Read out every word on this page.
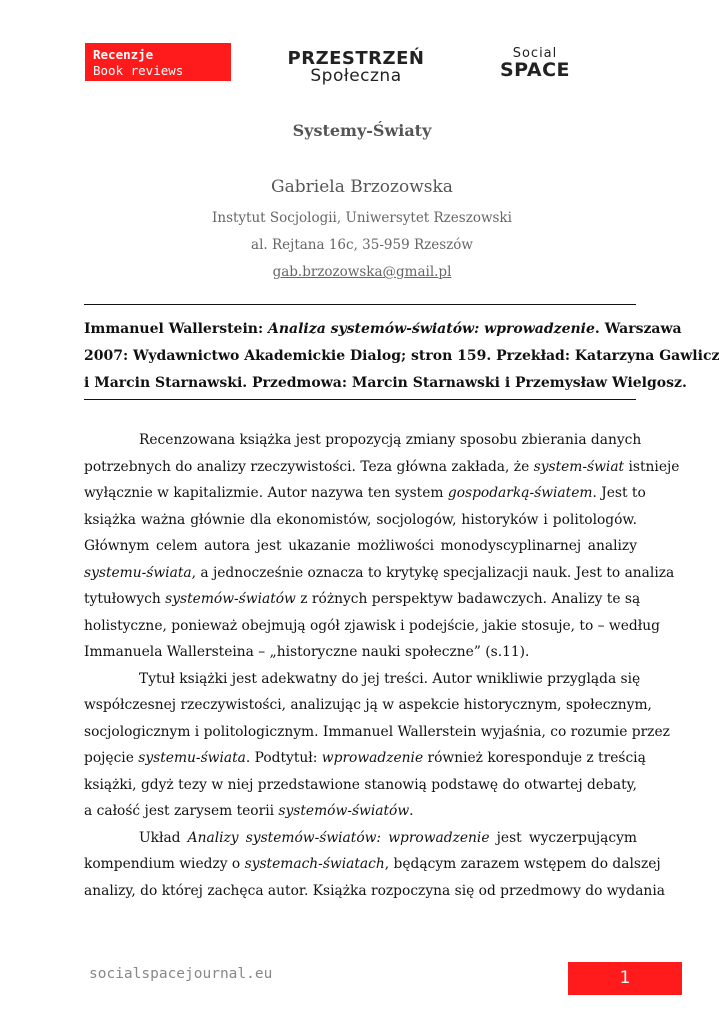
Recenzje
Book reviews
PRZESTRZEŃ
Społeczna
Social
SPACE
Systemy-Światy
Gabriela Brzozowska
Instytut Socjologii, Uniwersytet Rzeszowski
al. Rejtana 16c, 35-959 Rzeszów
gab.brzozowska@gmail.pl
Immanuel Wallerstein: Analiza systemów-światów: wprowadzenie. Warszawa
2007: Wydawnictwo Akademickie Dialog; stron 159. Przekład: Katarzyna Gawlicz
i Marcin Starnawski. Przedmowa: Marcin Starnawski i Przemysław Wielgosz.
Recenzowana książka jest propozycją zmiany sposobu zbierania danych
potrzebnych do analizy rzeczywistości. Teza główna zakłada, że system-świat istnieje
wyłącznie w kapitalizmie. Autor nazywa ten system gospodarką-światem. Jest to
książka ważna głównie dla ekonomistów, socjologów, historyków i politologów.
Głównym celem autora jest ukazanie możliwości monodyscyplinarnej analizy
systemu-świata, a jednocześnie oznacza to krytykę specjalizacji nauk. Jest to analiza
tytułowych systemów-światów z różnych perspektyw badawczych. Analizy te są
holistyczne, ponieważ obejmują ogół zjawisk i podejście, jakie stosuje, to – według
Immanuela Wallersteina – „historyczne nauki społeczne” (s.11).
Tytuł książki jest adekwatny do jej treści. Autor wnikliwie przygląda się
współczesnej rzeczywistości, analizując ją w aspekcie historycznym, społecznym,
socjologicznym i politologicznym. Immanuel Wallerstein wyjaśnia, co rozumie przez
pojęcie systemu-świata. Podtytuł: wprowadzenie również koresponduje z treścią
książki, gdyż tezy w niej przedstawione stanowią podstawę do otwartej debaty,
a całość jest zarysem teorii systemów-światów.
Układ Analizy systemów-światów: wprowadzenie jest wyczerpującym
kompendium wiedzy o systemach-światach, będącym zarazem wstępem do dalszej
analizy, do której zachęca autor. Książka rozpoczyna się od przedmowy do wydania
socialspacejournal.eu	1
